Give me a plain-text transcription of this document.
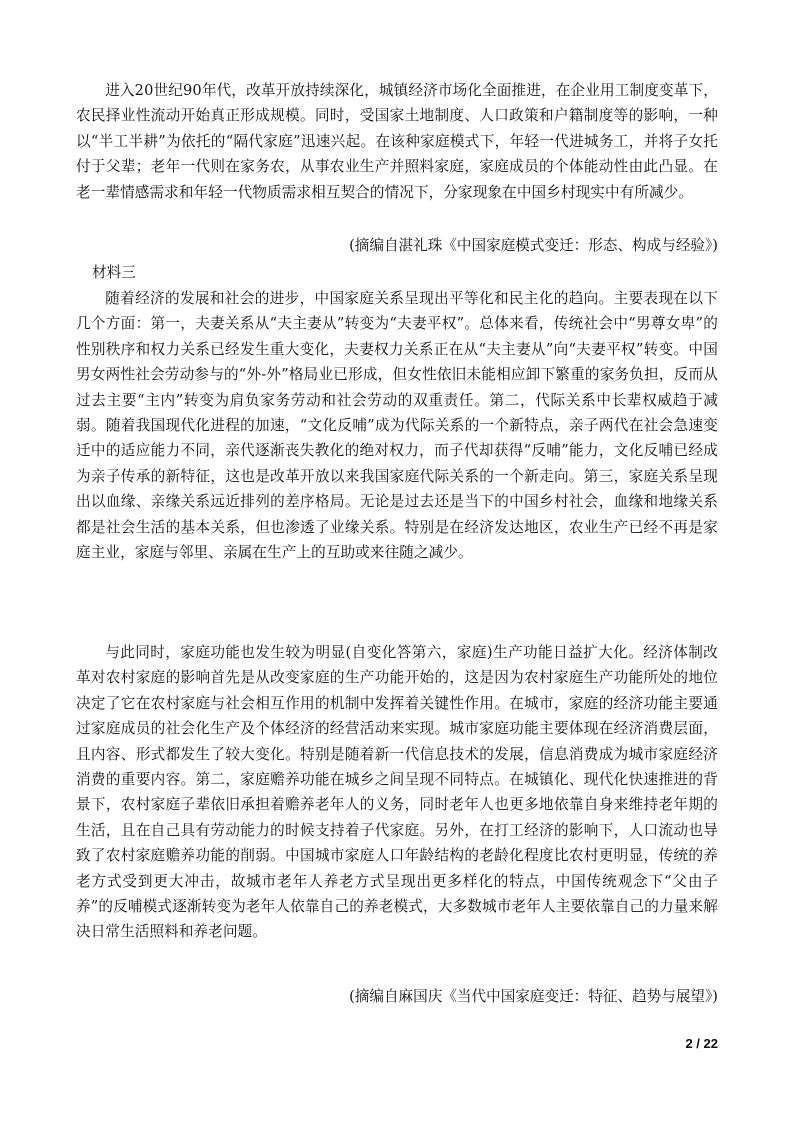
进入20世纪90年代，改革开放持续深化，城镇经济市场化全面推进，在企业用工制度变革下，农民择业性流动开始真正形成规模。同时，受国家土地制度、人口政策和户籍制度等的影响，一种以“半工半耕”为依托的“隔代家庭”迅速兴起。在该种家庭模式下，年轻一代进城务工，并将子女托付于父辈；老年一代则在家务农，从事农业生产并照料家庭，家庭成员的个体能动性由此凸显。在老一辈情感需求和年轻一代物质需求相互契合的情况下，分家现象在中国乡村现实中有所减少。

(摘编自湛礼珠《中国家庭模式变迁：形态、构成与经验》)

材料三

随着经济的发展和社会的进步，中国家庭关系呈现出平等化和民主化的趋向。主要表现在以下几个方面：第一，夫妻关系从“夫主妻从”转变为“夫妻平权”。总体来看，传统社会中“男尊女卑”的性别秩序和权力关系已经发生重大变化，夫妻权力关系正在从“夫主妻从”向“夫妻平权”转变。中国男女两性社会劳动参与的“外-外”格局业已形成，但女性依旧未能相应卸下繁重的家务负担，反而从过去主要“主内”转变为肩负家务劳动和社会劳动的双重责任。第二，代际关系中长辈权威趋于减弱。随着我国现代化进程的加速，“文化反哺”成为代际关系的一个新特点，亲子两代在社会急速变迁中的适应能力不同，亲代逐渐丧失教化的绝对权力，而子代却获得“反哺”能力，文化反哺已经成为亲子传承的新特征，这也是改革开放以来我国家庭代际关系的一个新走向。第三，家庭关系呈现出以血缘、亲缘关系远近排列的差序格局。无论是过去还是当下的中国乡村社会，血缘和地缘关系都是社会生活的基本关系，但也渗透了业缘关系。特别是在经济发达地区，农业生产已经不再是家庭主业，家庭与邻里、亲属在生产上的互助或来往随之减少。

与此同时，家庭功能也发生较为明显(自变化答第六，家庭)生产功能日益扩大化。经济体制改革对农村家庭的影响首先是从改变家庭的生产功能开始的，这是因为农村家庭生产功能所处的地位决定了它在农村家庭与社会相互作用的机制中发挥着关键性作用。在城市，家庭的经济功能主要通过家庭成员的社会化生产及个体经济的经营活动来实现。城市家庭功能主要体现在经济消费层面，且内容、形式都发生了较大变化。特别是随着新一代信息技术的发展，信息消费成为城市家庭经济消费的重要内容。第二，家庭赡养功能在城乡之间呈现不同特点。在城镇化、现代化快速推进的背景下，农村家庭子辈依旧承担着赡养老年人的义务，同时老年人也更多地依靠自身来维持老年期的生活，且在自己具有劳动能力的时候支持着子代家庭。另外，在打工经济的影响下，人口流动也导致了农村家庭赡养功能的削弱。中国城市家庭人口年龄结构的老龄化程度比农村更明显，传统的养老方式受到更大冲击，故城市老年人养老方式呈现出更多样化的特点，中国传统观念下“父由子养”的反哺模式逐渐转变为老年人依靠自己的养老模式，大多数城市老年人主要依靠自己的力量来解决日常生活照料和养老问题。

(摘编自麻国庆《当代中国家庭变迁：特征、趋势与展望》)

2 / 22
